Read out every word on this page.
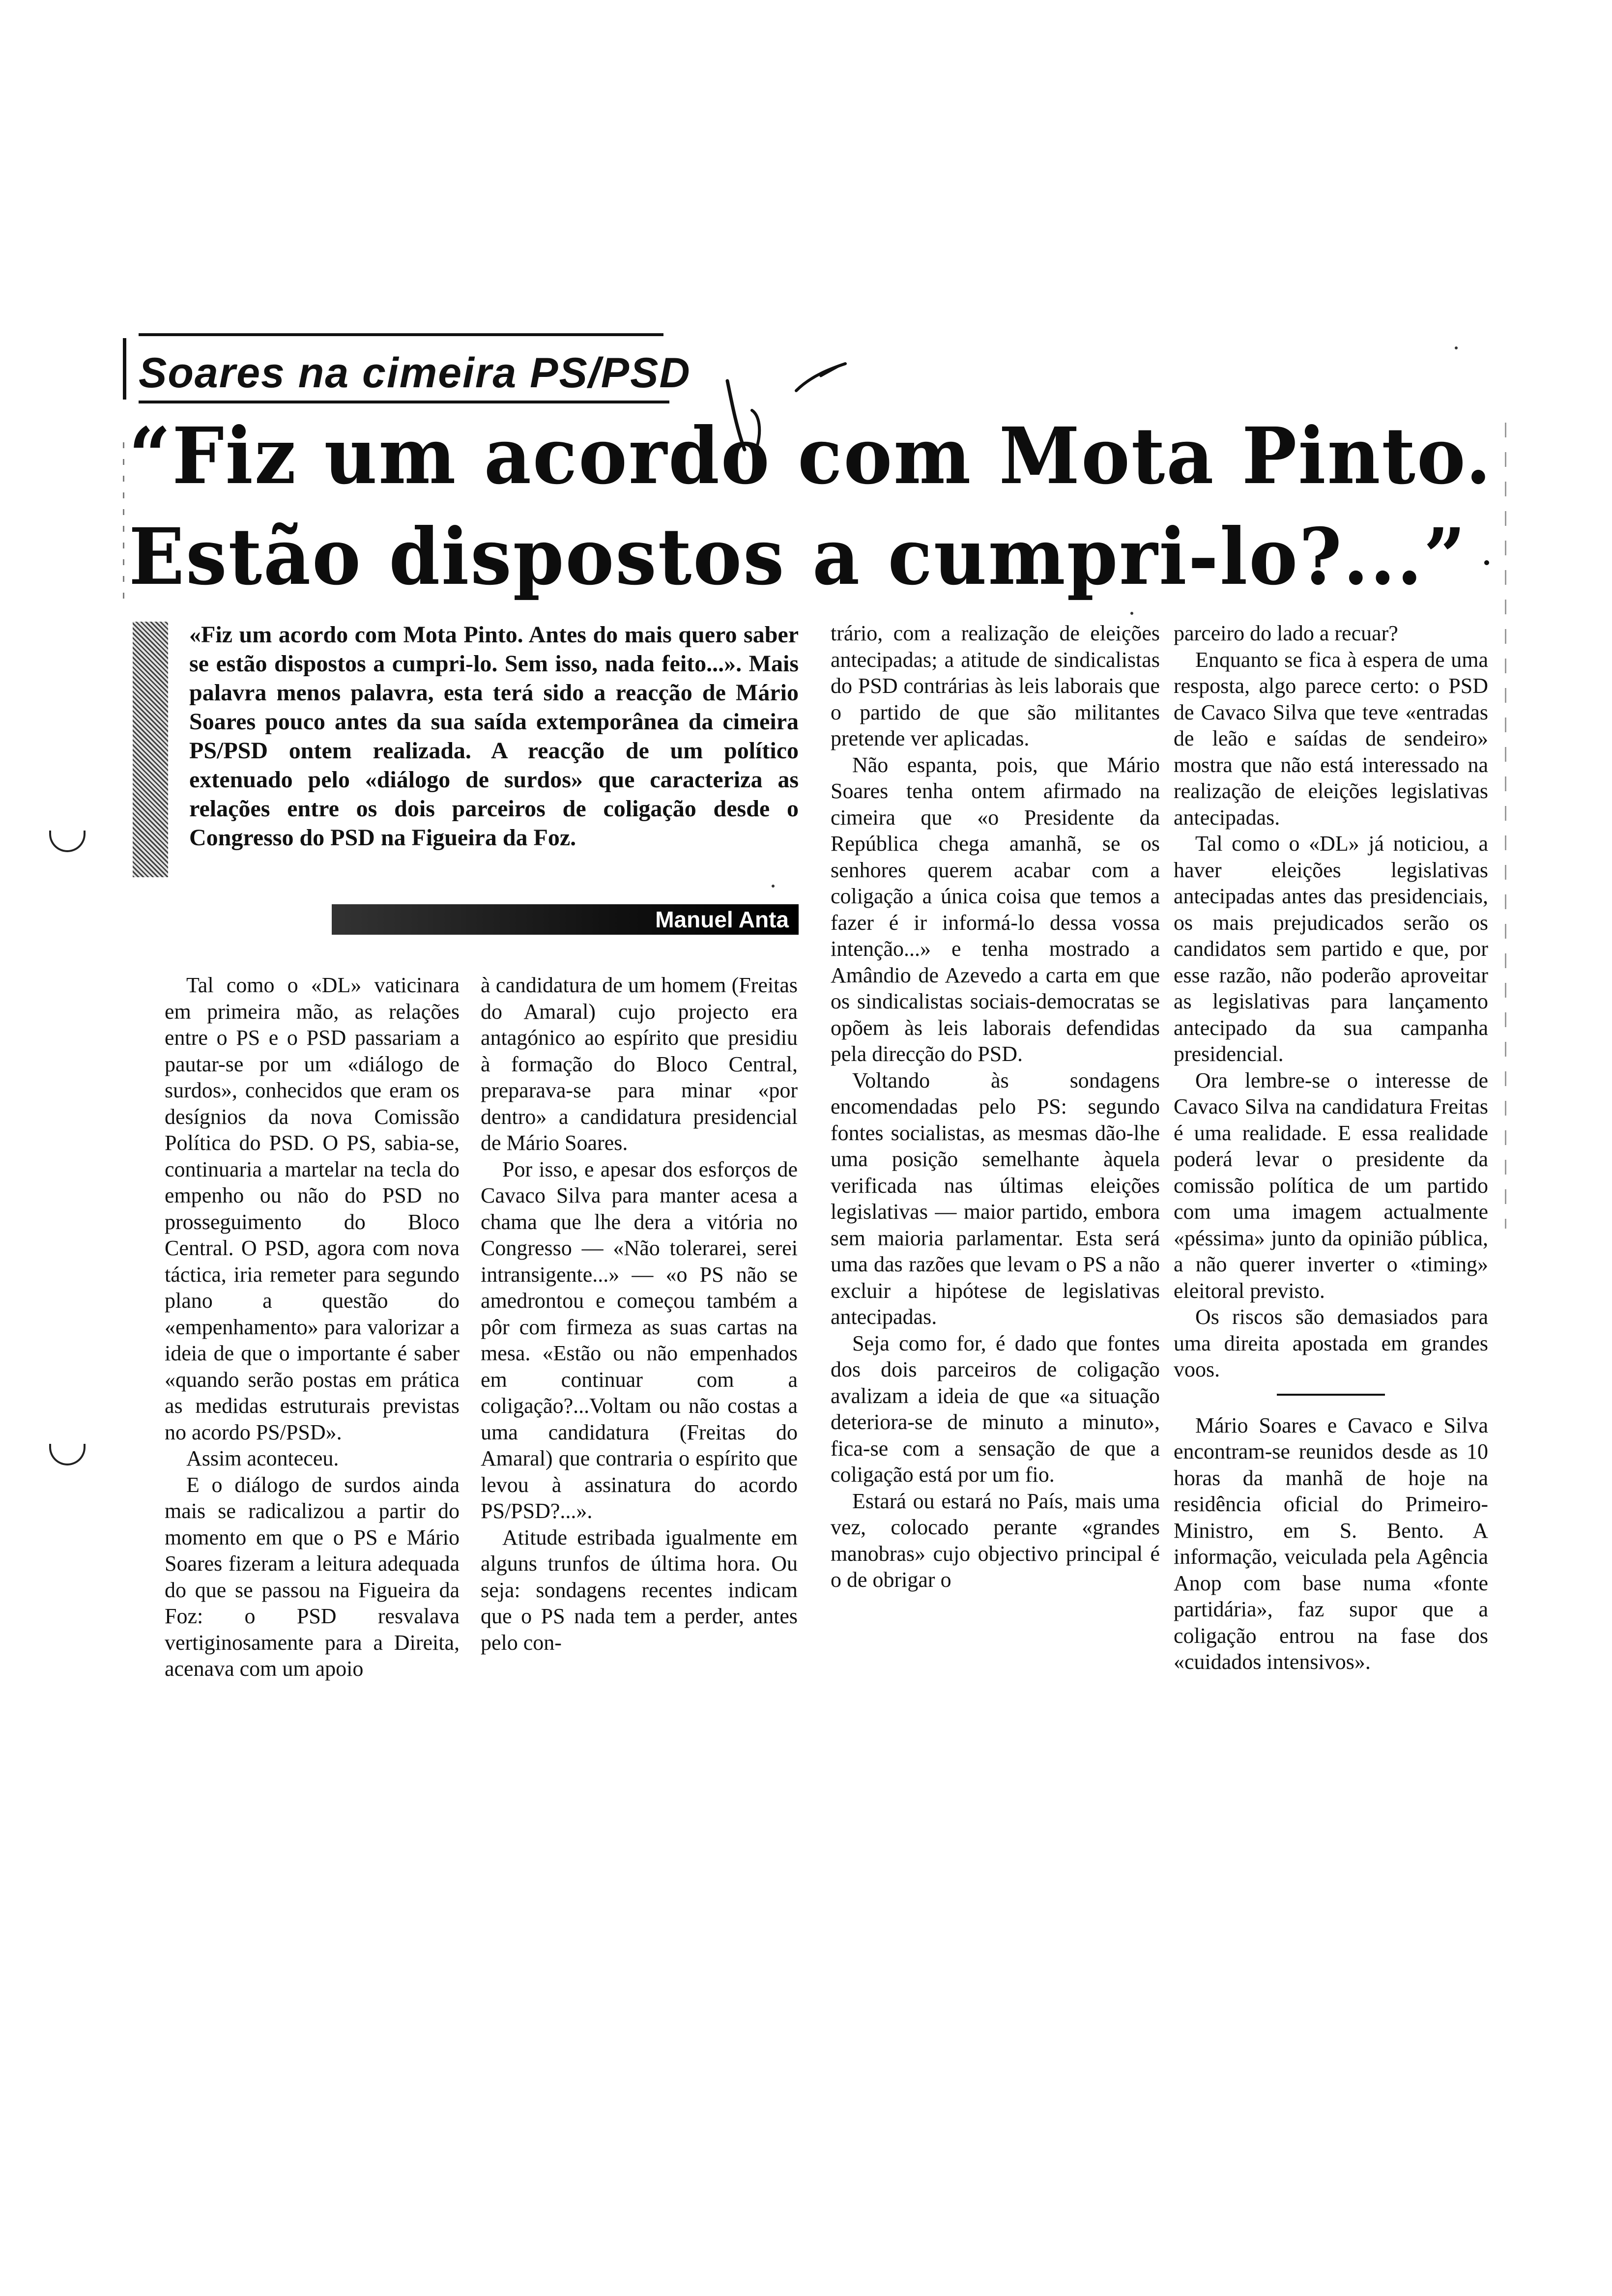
Soares na cimeira PS/PSD
“Fiz um acordo com Mota Pinto.
Estão dispostos a cumpri-lo?...”
«Fiz um acordo com Mota Pinto. Antes do mais quero saber se estão dispostos a cumpri-lo. Sem isso, nada feito...». Mais palavra menos palavra, esta terá sido a reacção de Mário Soares pouco antes da sua saída extemporânea da cimeira PS/PSD ontem realizada. A reacção de um político extenuado pelo «diálogo de surdos» que caracteriza as relações entre os dois parceiros de coligação desde o Congresso do PSD na Figueira da Foz.
Manuel Anta

Tal como o «DL» vaticinara em primeira mão, as relações entre o PS e o PSD passariam a pautar-se por um «diálogo de surdos», conhecidos que eram os desígnios da nova Comissão Política do PSD. O PS, sabia-se, continuaria a martelar na tecla do empenho ou não do PSD no prosseguimento do Bloco Central. O PSD, agora com nova táctica, iria remeter para segundo plano a questão do «empenhamento» para valorizar a ideia de que o importante é saber «quando serão postas em prática as medidas estruturais previstas no acordo PS/PSD».

Assim aconteceu.

E o diálogo de surdos ainda mais se radicalizou a partir do momento em que o PS e Mário Soares fizeram a leitura adequada do que se passou na Figueira da Foz: o PSD resvalava vertiginosamente para a Direita, acenava com um apoio

à candidatura de um homem (Freitas do Amaral) cujo projecto era antagónico ao espírito que presidiu à formação do Bloco Central, preparava-se para minar «por dentro» a candidatura presidencial de Mário Soares.

Por isso, e apesar dos esforços de Cavaco Silva para manter acesa a chama que lhe dera a vitória no Congresso — «Não tolerarei, serei intransigente...» — «o PS não se amedrontou e começou também a pôr com firmeza as suas cartas na mesa. «Estão ou não empenhados em continuar com a coligação?...Voltam ou não costas a uma candidatura (Freitas do Amaral) que contraria o espírito que levou à assinatura do acordo PS/PSD?...».

Atitude estribada igualmente em alguns trunfos de última hora. Ou seja: sondagens recentes indicam que o PS nada tem a perder, antes pelo con-

trário, com a realização de eleições antecipadas; a atitude de sindicalistas do PSD contrárias às leis laborais que o partido de que são militantes pretende ver aplicadas.

Não espanta, pois, que Mário Soares tenha ontem afirmado na cimeira que «o Presidente da República chega amanhã, se os senhores querem acabar com a coligação a única coisa que temos a fazer é ir informá-lo dessa vossa intenção...» e tenha mostrado a Amândio de Azevedo a carta em que os sindicalistas sociais-democratas se opõem às leis laborais defendidas pela direcção do PSD.

Voltando às sondagens encomendadas pelo PS: segundo fontes socialistas, as mesmas dão-lhe uma posição semelhante àquela verificada nas últimas eleições legislativas — maior partido, embora sem maioria parlamentar. Esta será uma das razões que levam o PS a não excluir a hipótese de legislativas antecipadas.

Seja como for, é dado que fontes dos dois parceiros de coligação avalizam a ideia de que «a situação deteriora-se de minuto a minuto», fica-se com a sensação de que a coligação está por um fio.

Estará ou estará no País, mais uma vez, colocado perante «grandes manobras» cujo objectivo principal é o de obrigar o

parceiro do lado a recuar?

Enquanto se fica à espera de uma resposta, algo parece certo: o PSD de Cavaco Silva que teve «entradas de leão e saídas de sendeiro» mostra que não está interessado na realização de eleições legislativas antecipadas.

Tal como o «DL» já noticiou, a haver eleições legislativas antecipadas antes das presidenciais, os mais prejudicados serão os candidatos sem partido e que, por esse razão, não poderão aproveitar as legislativas para lançamento antecipado da sua campanha presidencial.

Ora lembre-se o interesse de Cavaco Silva na candidatura Freitas é uma realidade. E essa realidade poderá levar o presidente da comissão política de um partido com uma imagem actualmente «péssima» junto da opinião pública, a não querer inverter o «timing» eleitoral previsto.

Os riscos são demasiados para uma direita apostada em grandes voos.

Mário Soares e Cavaco e Silva encontram-se reunidos desde as 10 horas da manhã de hoje na residência oficial do Primeiro-Ministro, em S. Bento. A informação, veiculada pela Agência Anop com base numa «fonte partidária», faz supor que a coligação entrou na fase dos «cuidados intensivos».
